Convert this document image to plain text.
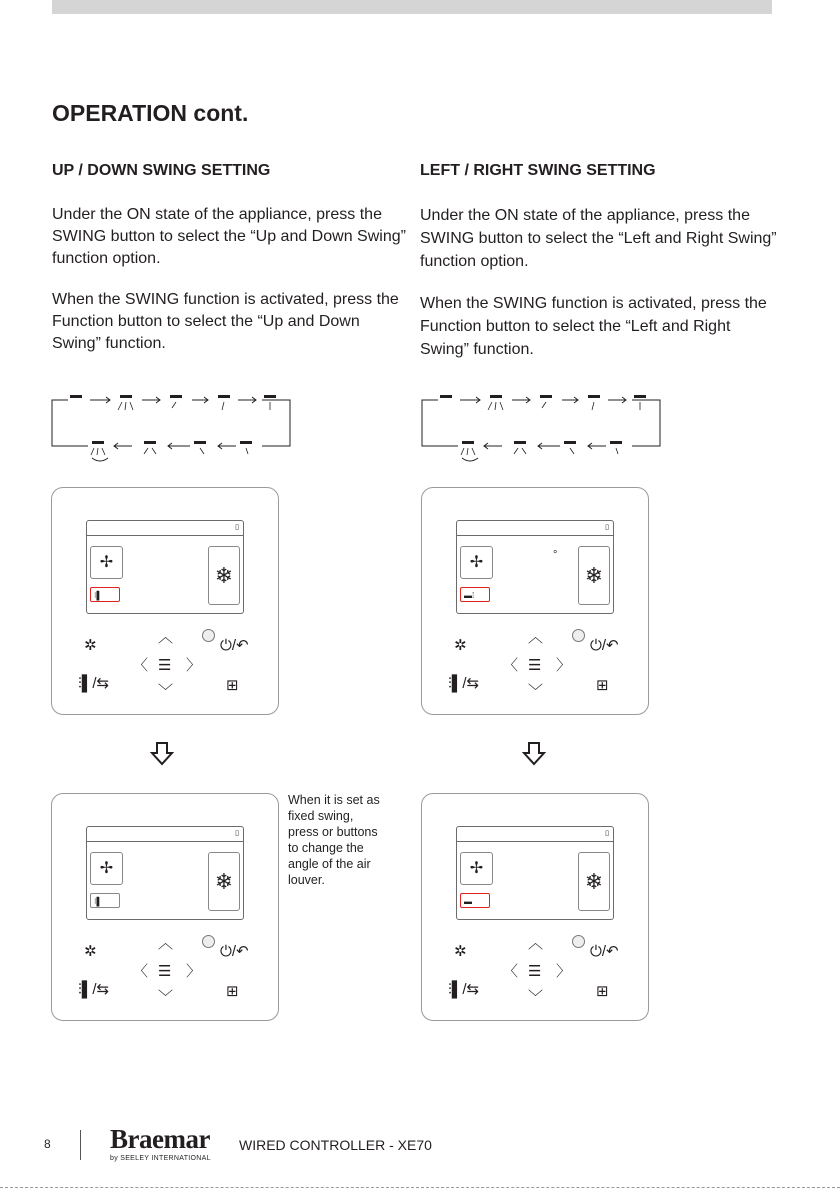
OPERATION cont.
UP / DOWN SWING SETTING

Under the ON state of the appliance, press the SWING button to select the “Up and Down Swing” function option.

When the SWING function is activated, press the Function button to select the “Up and Down Swing” function.

LEFT / RIGHT SWING SETTING

Under the ON state of the appliance, press the SWING button to select the “Left and Right Swing” function option.

When the SWING function is activated, press the Function button to select the “Left and Right Swing” function.

▯
✢
⁝▌
❄
✲	︿	⏻/↶
〈 ☰ 〉
⫶▌/⇆	﹀	⊞
▯
✢	°
▬⁞
❄
✲	︿	⏻/↶
〈 ☰ 〉
⫶▌/⇆	﹀	⊞
▯
✢
⁝▌
❄
✲	︿	⏻/↶
〈 ☰ 〉
⫶▌/⇆	﹀	⊞
When it is set as fixed swing, press or buttons to change the angle of the air louver.
▯
✢
▬
❄
✲	︿	⏻/↶
〈 ☰ 〉
⫶▌/⇆	﹀	⊞
8 Braemar
by SEELEY INTERNATIONAL
WIRED CONTROLLER - XE70
